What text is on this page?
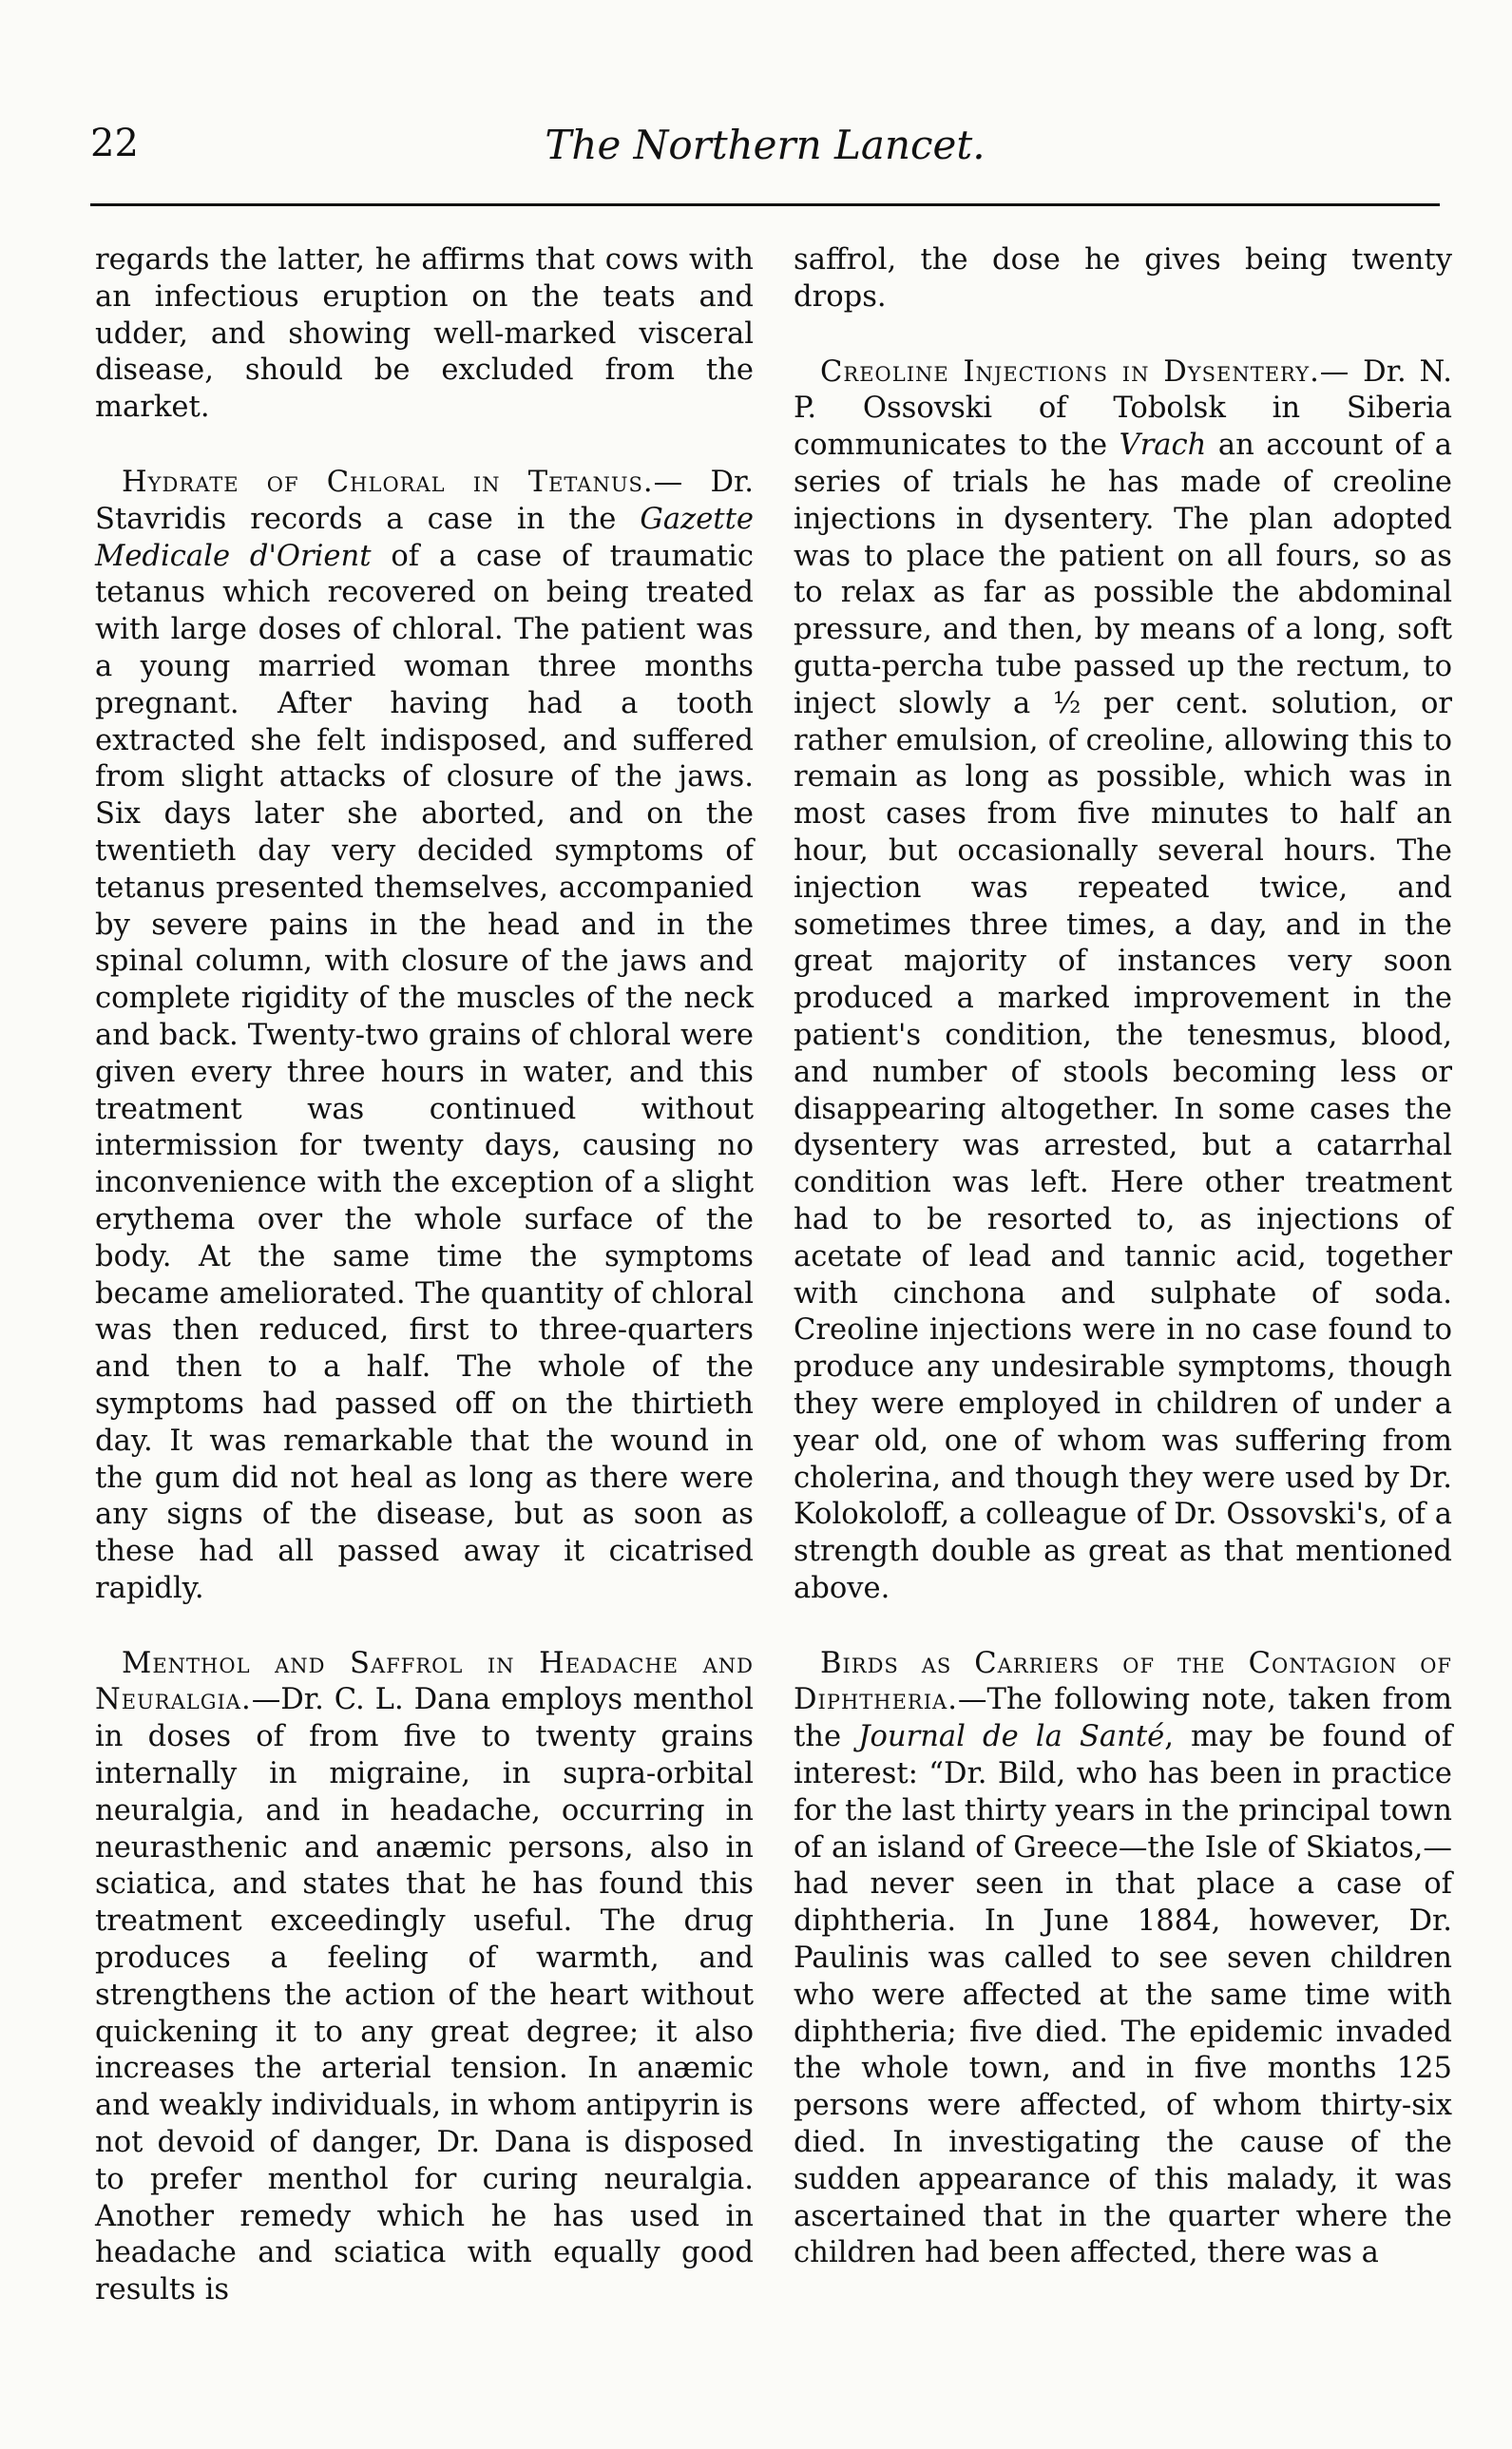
22	The Northern Lancet.

regards the latter, he affirms that cows with an infectious eruption on the teats and udder, and showing well-marked visceral disease, should be excluded from the market.

Hydrate of Chloral in Tetanus.— Dr. Stavridis records a case in the Gazette Medicale d'Orient of a case of traumatic tetanus which recovered on being treated with large doses of chloral. The patient was a young married woman three months pregnant. After having had a tooth extracted she felt indisposed, and suffered from slight attacks of closure of the jaws. Six days later she aborted, and on the twentieth day very decided symptoms of tetanus presented themselves, accompanied by severe pains in the head and in the spinal column, with closure of the jaws and complete rigidity of the muscles of the neck and back. Twenty-two grains of chloral were given every three hours in water, and this treatment was continued without intermission for twenty days, causing no inconvenience with the exception of a slight erythema over the whole surface of the body. At the same time the symptoms became ameliorated. The quantity of chloral was then reduced, first to three-quarters and then to a half. The whole of the symptoms had passed off on the thirtieth day. It was remarkable that the wound in the gum did not heal as long as there were any signs of the disease, but as soon as these had all passed away it cicatrised rapidly.

Menthol and Saffrol in Headache and Neuralgia.—Dr. C. L. Dana employs menthol in doses of from five to twenty grains internally in migraine, in supra-orbital neuralgia, and in headache, occurring in neurasthenic and anæmic persons, also in sciatica, and states that he has found this treatment exceedingly useful. The drug produces a feeling of warmth, and strengthens the action of the heart without quickening it to any great degree; it also increases the arterial tension. In anæmic and weakly individuals, in whom antipyrin is not devoid of danger, Dr. Dana is disposed to prefer menthol for curing neuralgia. Another remedy which he has used in headache and sciatica with equally good results is

saffrol, the dose he gives being twenty drops.

Creoline Injections in Dysentery.— Dr. N. P. Ossovski of Tobolsk in Siberia communicates to the Vrach an account of a series of trials he has made of creoline injections in dysentery. The plan adopted was to place the patient on all fours, so as to relax as far as possible the abdominal pressure, and then, by means of a long, soft gutta-percha tube passed up the rectum, to inject slowly a ½ per cent. solution, or rather emulsion, of creoline, allowing this to remain as long as possible, which was in most cases from five minutes to half an hour, but occasionally several hours. The injection was repeated twice, and sometimes three times, a day, and in the great majority of instances very soon produced a marked improvement in the patient's condition, the tenesmus, blood, and number of stools becoming less or disappearing altogether. In some cases the dysentery was arrested, but a catarrhal condition was left. Here other treatment had to be resorted to, as injections of acetate of lead and tannic acid, together with cinchona and sulphate of soda. Creoline injections were in no case found to produce any undesirable symptoms, though they were employed in children of under a year old, one of whom was suffering from cholerina, and though they were used by Dr. Kolokoloff, a colleague of Dr. Ossovski's, of a strength double as great as that mentioned above.

Birds as Carriers of the Contagion of Diphtheria.—The following note, taken from the Journal de la Santé, may be found of interest: “Dr. Bild, who has been in practice for the last thirty years in the principal town of an island of Greece—the Isle of Skiatos,—had never seen in that place a case of diphtheria. In June 1884, however, Dr. Paulinis was called to see seven children who were affected at the same time with diphtheria; five died. The epidemic invaded the whole town, and in five months 125 persons were affected, of whom thirty-six died. In investigating the cause of the sudden appearance of this malady, it was ascertained that in the quarter where the children had been affected, there was a
